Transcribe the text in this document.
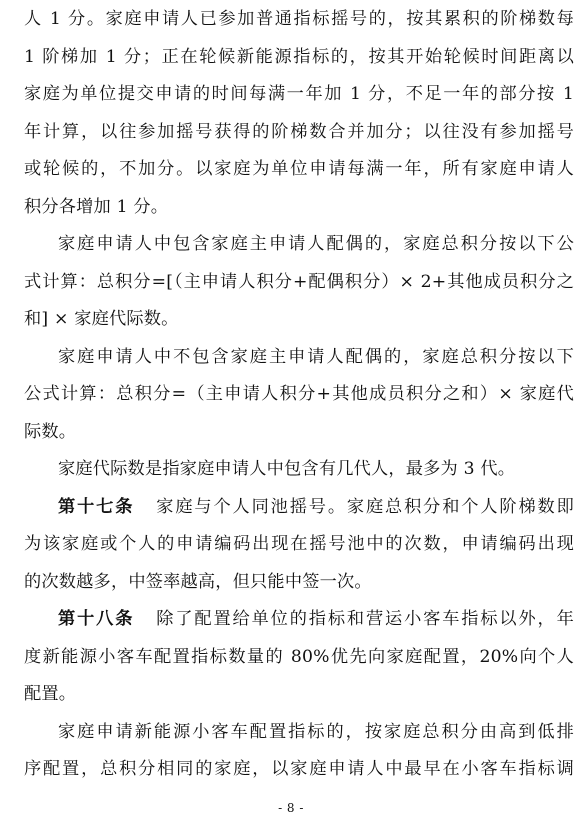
人 1 分。家庭申请人已参加普通指标摇号的，按其累积的阶梯数每
1 阶梯加 1 分；正在轮候新能源指标的，按其开始轮候时间距离以
家庭为单位提交申请的时间每满一年加 1 分，不足一年的部分按 1
年计算，以往参加摇号获得的阶梯数合并加分；以往没有参加摇号
或轮候的，不加分。以家庭为单位申请每满一年，所有家庭申请人
积分各增加 1 分。
家庭申请人中包含家庭主申请人配偶的，家庭总积分按以下公
式计算：总积分=[（主申请人积分+配偶积分）× 2+其他成员积分之
和] × 家庭代际数。
家庭申请人中不包含家庭主申请人配偶的，家庭总积分按以下
公式计算：总积分=（主申请人积分+其他成员积分之和）× 家庭代
际数。
家庭代际数是指家庭申请人中包含有几代人，最多为 3 代。
第十七条 家庭与个人同池摇号。家庭总积分和个人阶梯数即
为该家庭或个人的申请编码出现在摇号池中的次数，申请编码出现
的次数越多，中签率越高，但只能中签一次。
第十八条 除了配置给单位的指标和营运小客车指标以外，年
度新能源小客车配置指标数量的 80%优先向家庭配置，20%向个人
配置。
家庭申请新能源小客车配置指标的，按家庭总积分由高到低排
序配置，总积分相同的家庭，以家庭申请人中最早在小客车指标调
- 8 -
